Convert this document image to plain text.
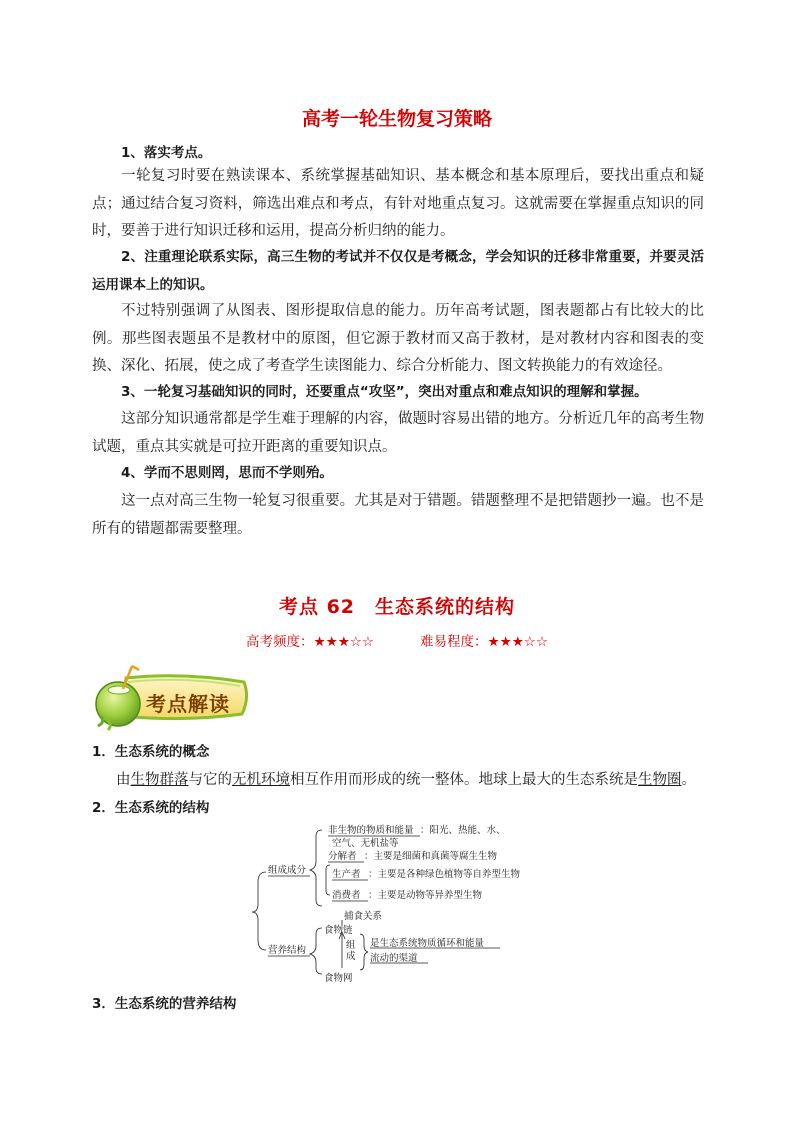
高考一轮生物复习策略
1、落实考点。
一轮复习时要在熟读课本、系统掌握基础知识、基本概念和基本原理后，要找出重点和疑点；通过结合复习资料，筛选出难点和考点，有针对地重点复习。这就需要在掌握重点知识的同时，要善于进行知识迁移和运用，提高分析归纳的能力。
2、注重理论联系实际，高三生物的考试并不仅仅是考概念，学会知识的迁移非常重要，并要灵活运用课本上的知识。
不过特别强调了从图表、图形提取信息的能力。历年高考试题，图表题都占有比较大的比例。那些图表题虽不是教材中的原图，但它源于教材而又高于教材，是对教材内容和图表的变换、深化、拓展，使之成了考查学生读图能力、综合分析能力、图文转换能力的有效途径。
3、一轮复习基础知识的同时，还要重点“攻坚”，突出对重点和难点知识的理解和掌握。
这部分知识通常都是学生难于理解的内容，做题时容易出错的地方。分析近几年的高考生物试题，重点其实就是可拉开距离的重要知识点。
4、学而不思则罔，思而不学则殆。
这一点对高三生物一轮复习很重要。尤其是对于错题。错题整理不是把错题抄一遍。也不是所有的错题都需要整理。
考点 62　生态系统的结构
高考频度：★★★☆☆	难易程度：★★★☆☆
考点解读
1．生态系统的概念
由生物群落与它的无机环境相互作用而形成的统一整体。地球上最大的生态系统是生物圈。
2．生态系统的结构
组成成分
营养结构
非生物的物质和能量 ：阳光、热能、水、
空气、无机盐等
分解者 ：主要是细菌和真菌等腐生生物
生产者 ：主要是各种绿色植物等自养型生物
消费者 ：主要是动物等异养型生物
捕食关系
食物链
组
成
食物网
是生态系统物质循环和能量
流动的渠道
3．生态系统的营养结构
